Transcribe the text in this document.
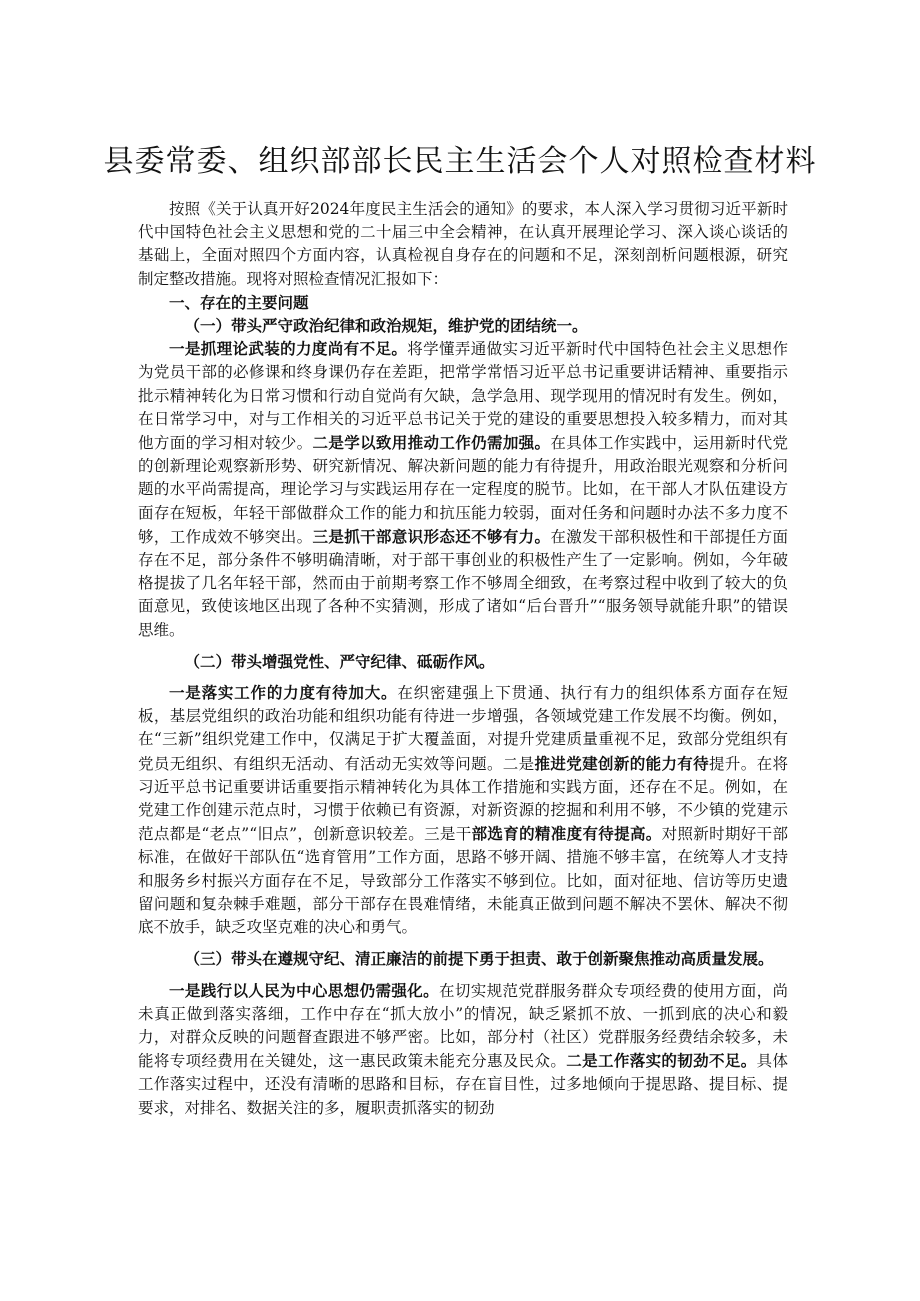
县委常委、组织部部长民主生活会个人对照检查材料

按照《关于认真开好2024年度民主生活会的通知》的要求，本人深入学习贯彻习近平新时代中国特色社会主义思想和党的二十届三中全会精神，在认真开展理论学习、深入谈心谈话的基础上，全面对照四个方面内容，认真检视自身存在的问题和不足，深刻剖析问题根源，研究制定整改措施。现将对照检查情况汇报如下：

一、存在的主要问题

（一）带头严守政治纪律和政治规矩，维护党的团结统一。

一是抓理论武装的力度尚有不足。将学懂弄通做实习近平新时代中国特色社会主义思想作为党员干部的必修课和终身课仍存在差距，把常学常悟习近平总书记重要讲话精神、重要指示批示精神转化为日常习惯和行动自觉尚有欠缺，急学急用、现学现用的情况时有发生。例如，在日常学习中，对与工作相关的习近平总书记关于党的建设的重要思想投入较多精力，而对其他方面的学习相对较少。二是学以致用推动工作仍需加强。在具体工作实践中，运用新时代党的创新理论观察新形势、研究新情况、解决新问题的能力有待提升，用政治眼光观察和分析问题的水平尚需提高，理论学习与实践运用存在一定程度的脱节。比如，在干部人才队伍建设方面存在短板，年轻干部做群众工作的能力和抗压能力较弱，面对任务和问题时办法不多力度不够，工作成效不够突出。三是抓干部意识形态还不够有力。在激发干部积极性和干部提任方面存在不足，部分条件不够明确清晰，对于部干事创业的积极性产生了一定影响。例如，今年破格提拔了几名年轻干部，然而由于前期考察工作不够周全细致，在考察过程中收到了较大的负面意见，致使该地区出现了各种不实猜测，形成了诸如“后台晋升”“服务领导就能升职”的错误思维。

（二）带头增强党性、严守纪律、砥砺作风。

一是落实工作的力度有待加大。在织密建强上下贯通、执行有力的组织体系方面存在短板，基层党组织的政治功能和组织功能有待进一步增强，各领域党建工作发展不均衡。例如，在“三新”组织党建工作中，仅满足于扩大覆盖面，对提升党建质量重视不足，致部分党组织有党员无组织、有组织无活动、有活动无实效等问题。二是推进党建创新的能力有待提升。在将习近平总书记重要讲话重要指示精神转化为具体工作措施和实践方面，还存在不足。例如，在党建工作创建示范点时，习惯于依赖已有资源，对新资源的挖掘和利用不够，不少镇的党建示范点都是“老点”“旧点”，创新意识较差。三是干部选育的精准度有待提高。对照新时期好干部标准，在做好干部队伍“选育管用”工作方面，思路不够开阔、措施不够丰富，在统筹人才支持和服务乡村振兴方面存在不足，导致部分工作落实不够到位。比如，面对征地、信访等历史遗留问题和复杂棘手难题，部分干部存在畏难情绪，未能真正做到问题不解决不罢休、解决不彻底不放手，缺乏攻坚克难的决心和勇气。

（三）带头在遵规守纪、清正廉洁的前提下勇于担责、敢于创新聚焦推动高质量发展。

一是践行以人民为中心思想仍需强化。在切实规范党群服务群众专项经费的使用方面，尚未真正做到落实落细，工作中存在“抓大放小”的情况，缺乏紧抓不放、一抓到底的决心和毅力，对群众反映的问题督查跟进不够严密。比如，部分村（社区）党群服务经费结余较多，未能将专项经费用在关键处，这一惠民政策未能充分惠及民众。二是工作落实的韧劲不足。具体工作落实过程中，还没有清晰的思路和目标，存在盲目性，过多地倾向于提思路、提目标、提要求，对排名、数据关注的多，履职责抓落实的韧劲
